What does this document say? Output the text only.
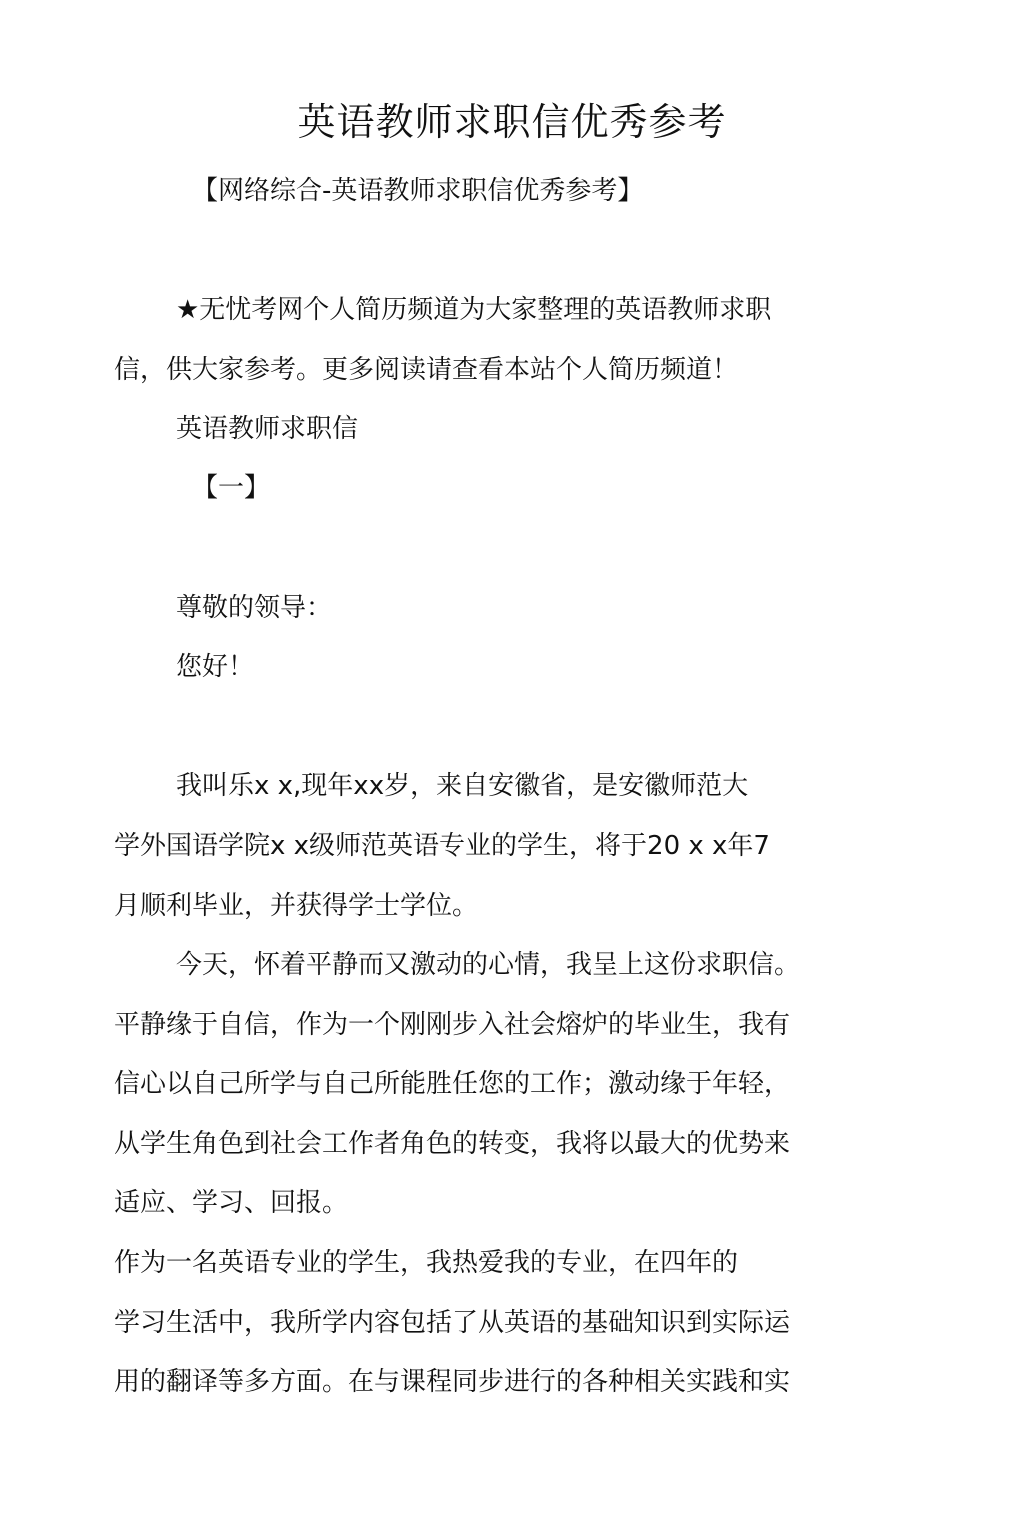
英语教师求职信优秀参考

【网络综合-英语教师求职信优秀参考】

★无忧考网个人简历频道为大家整理的英语教师求职

信，供大家参考。更多阅读请查看本站个人简历频道！

英语教师求职信

【一】

尊敬的领导：

您好！

我叫乐x x,现年xx岁，来自安徽省，是安徽师范大

学外国语学院x x级师范英语专业的学生，将于20 x x年7

月顺利毕业，并获得学士学位。

今天，怀着平静而又激动的心情，我呈上这份求职信。

平静缘于自信，作为一个刚刚步入社会熔炉的毕业生，我有

信心以自己所学与自己所能胜任您的工作；激动缘于年轻，

从学生角色到社会工作者角色的转变，我将以最大的优势来

适应、学习、回报。

作为一名英语专业的学生，我热爱我的专业，在四年的

学习生活中，我所学内容包括了从英语的基础知识到实际运

用的翻译等多方面。在与课程同步进行的各种相关实践和实
